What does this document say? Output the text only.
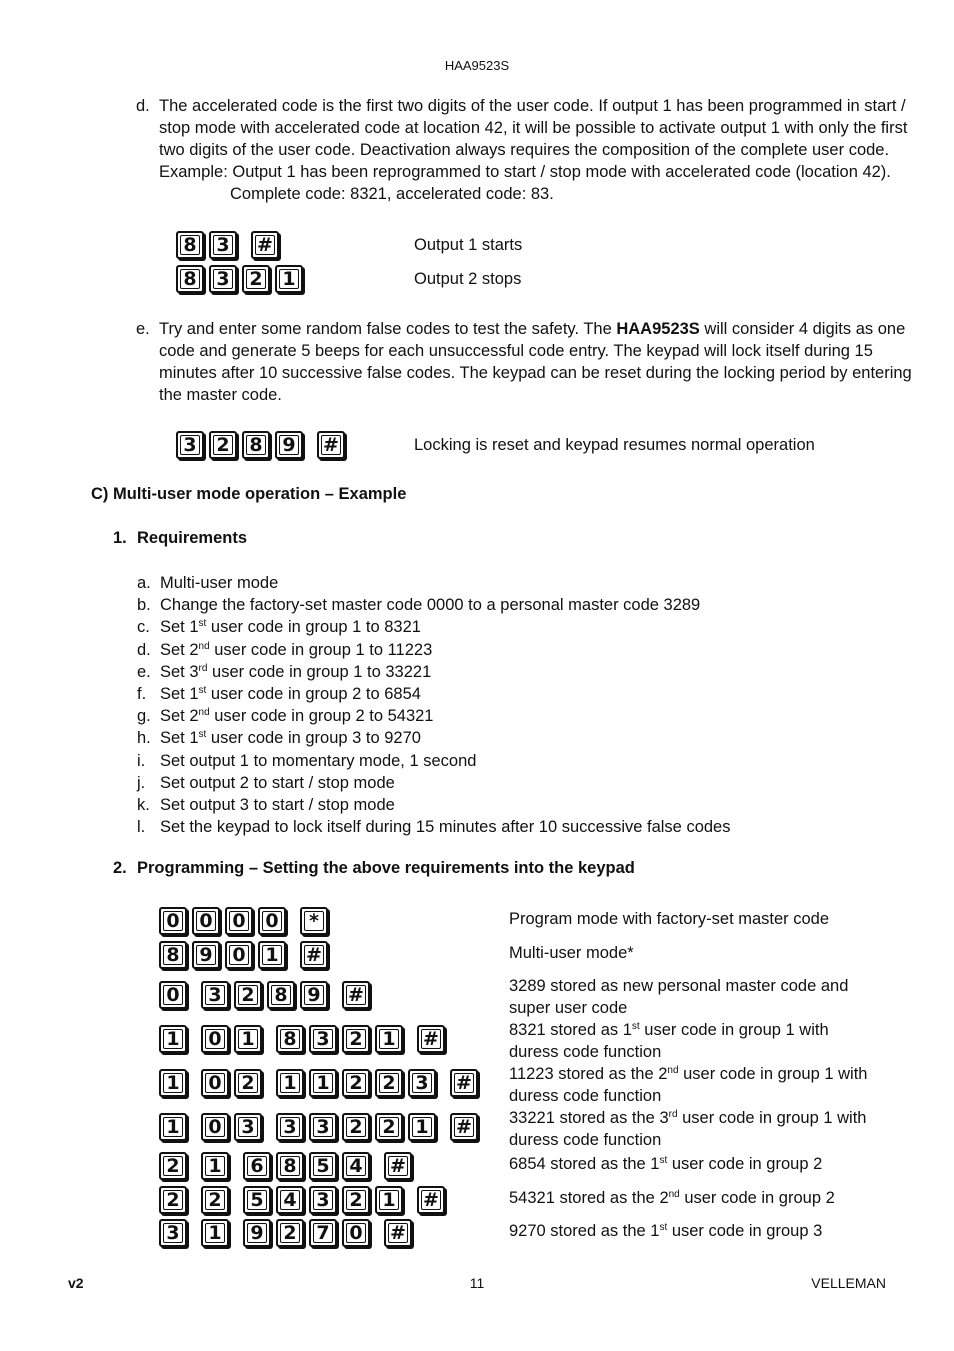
HAA9523S
d. The accelerated code is the first two digits of the user code. If output 1 has been programmed in start /
stop mode with accelerated code at location 42, it will be possible to activate output 1 with only the first
two digits of the user code. Deactivation always requires the composition of the complete user code.
Example: Output 1 has been reprogrammed to start / stop mode with accelerated code (location 42).
Complete code: 8321, accelerated code: 83.
8 3 #	Output 1 starts
8 3 2 1	Output 2 stops
e. Try and enter some random false codes to test the safety. The HAA9523S will consider 4 digits as one
code and generate 5 beeps for each unsuccessful code entry. The keypad will lock itself during 15
minutes after 10 successive false codes. The keypad can be reset during the locking period by entering
the master code.
3 2 8 9 #	Locking is reset and keypad resumes normal operation
C) Multi-user mode operation – Example
1. Requirements
a. Multi-user mode
b. Change the factory-set master code 0000 to a personal master code 3289
c. Set 1st user code in group 1 to 8321
d. Set 2nd user code in group 1 to 11223
e. Set 3rd user code in group 1 to 33221
f. Set 1st user code in group 2 to 6854
g. Set 2nd user code in group 2 to 54321
h. Set 1st user code in group 3 to 9270
i. Set output 1 to momentary mode, 1 second
j. Set output 2 to start / stop mode
k. Set output 3 to start / stop mode
l. Set the keypad to lock itself during 15 minutes after 10 successive false codes
2. Programming – Setting the above requirements into the keypad
0 0 0 0 *	Program mode with factory-set master code
8 9 0 1 #	Multi-user mode*
0 3 2 8 9 #	3289 stored as new personal master code and
super user code
1 0 1 8 3 2 1 #	8321 stored as 1st user code in group 1 with
duress code function
1 0 2 1 1 2 2 3 # 11223 stored as the 2nd user code in group 1 with
duress code function
1 0 3 3 3 2 2 1 # 33221 stored as the 3rd user code in group 1 with
duress code function
2 1 6 8 5 4 #	6854 stored as the 1st user code in group 2
2 2 5 4 3 2 1 #	54321 stored as the 2nd user code in group 2
3 1 9 2 7 0 #	9270 stored as the 1st user code in group 3
v2	11	VELLEMAN
